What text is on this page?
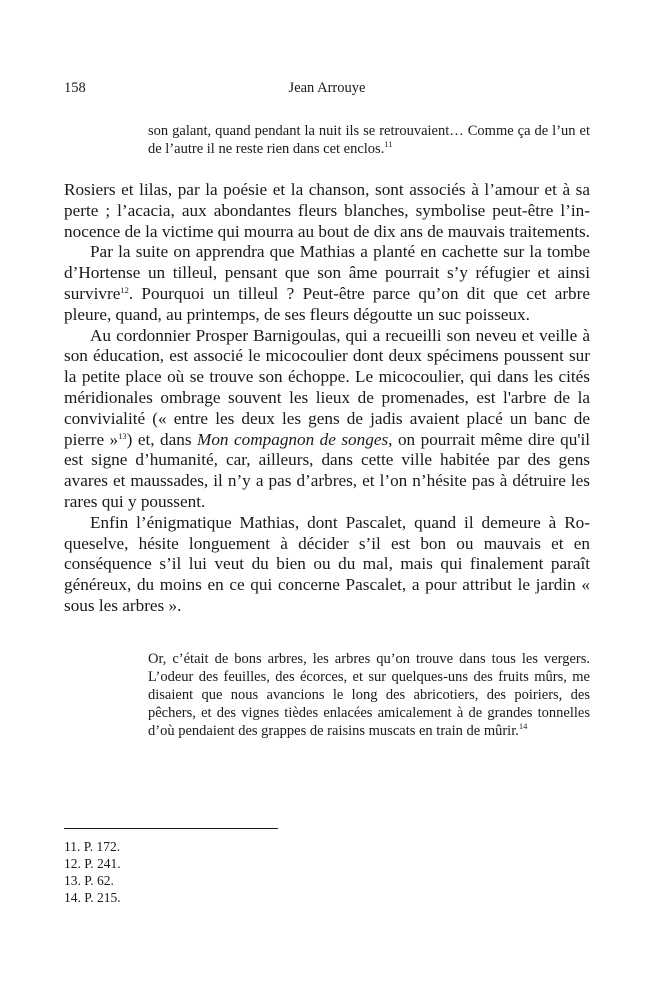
158	Jean Arrouye
son galant, quand pendant la nuit ils se retrouvaient… Comme ça de l’un et de l’autre il ne reste rien dans cet enclos.$^{11}$

Rosiers et lilas, par la poésie et la chanson, sont associés à l’amour et à sa perte ; l’acacia, aux abondantes fleurs blanches, symbolise peut-être l’innocence de la victime qui mourra au bout de dix ans de mauvais traitements.

Par la suite on apprendra que Mathias a planté en cachette sur la tombe d’Hortense un tilleul, pensant que son âme pourrait s’y réfugier et ainsi survivre$^{12}$. Pourquoi un tilleul ? Peut-être parce qu’on dit que cet arbre pleure, quand, au printemps, de ses fleurs dégoutte un suc poisseux.

Au cordonnier Prosper Barnigoulas, qui a recueilli son neveu et veille à son éducation, est associé le micocoulier dont deux spécimens poussent sur la petite place où se trouve son échoppe. Le micocoulier, qui dans les cités méridionales ombrage souvent les lieux de promenades, est l'arbre de la convivialité (« entre les deux les gens de jadis avaient placé un banc de pierre »$^{13}$) et, dans Mon compagnon de songes, on pourrait même dire qu'il est signe d’humanité, car, ailleurs, dans cette ville habitée par des gens avares et maussades, il n’y a pas d’arbres, et l’on n’hésite pas à détruire les rares qui y poussent.

Enfin l’énigmatique Mathias, dont Pascalet, quand il demeure à Roqueselve, hésite longuement à décider s’il est bon ou mauvais et en conséquence s’il lui veut du bien ou du mal, mais qui finalement paraît généreux, du moins en ce qui concerne Pascalet, a pour attribut le jardin « sous les arbres ».

Or, c’était de bons arbres, les arbres qu’on trouve dans tous les vergers. L’odeur des feuilles, des écorces, et sur quelques-uns des fruits mûrs, me disaient que nous avancions le long des abricotiers, des poiriers, des pêchers, et des vignes tièdes enlacées amicalement à de grandes tonnelles d’où pendaient des grappes de raisins muscats en train de mûrir.$^{14}$
11. P. 172.
12. P. 241.
13. P. 62.
14. P. 215.
